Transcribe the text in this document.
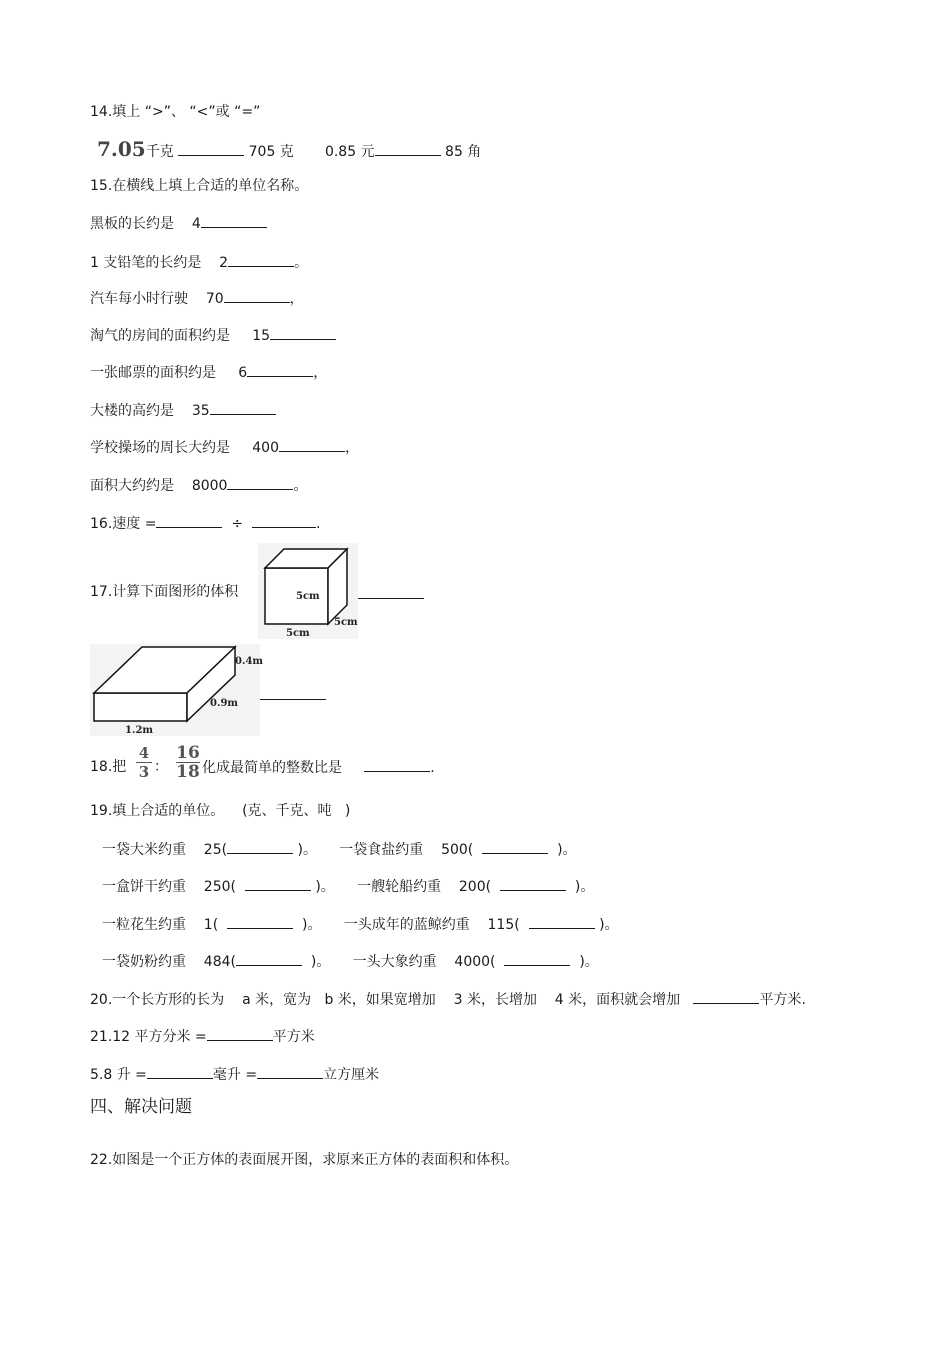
14.填上 “>”、 “<”或 “=”
7.05千克	705 克 0.85 元	85 角
15.在横线上填上合适的单位名称。
黑板的长约是 4
1 支铅笔的长约是 2	。
汽车每小时行驶 70	，
淘气的房间的面积约是 15
一张邮票的面积约是 6	，
大楼的高约是 35
学校操场的周长大约是 400	，
面积大约约是 8000	。
16.速度 =	÷	.
17.计算下面图形的体积	5cm
5cm
5cm
0.4m
0.9m
1.2m
18.把
4
3 ：
16
18 化成最简单的整数比是	.
19.填上合适的单位。    (克、千克、吨   )
一袋大米约重    25(	)。 一袋食盐约重    500(	)。
一盒饼干约重    250(	)。 一艘轮船约重    200(	)。
一粒花生约重    1(	)。 一头成年的蓝鲸约重    115(	)。
一袋奶粉约重    484(	)。 一头大象约重    4000(	)。
20.一个长方形的长为    a 米，宽为   b 米，如果宽增加    3 米，长增加    4 米，面积就会增加	平方米.
21.12 平方分米 =	平方米
5.8 升 =	毫升 =	立方厘米
四、解决问题
22.如图是一个正方体的表面展开图，求原来正方体的表面积和体积。
